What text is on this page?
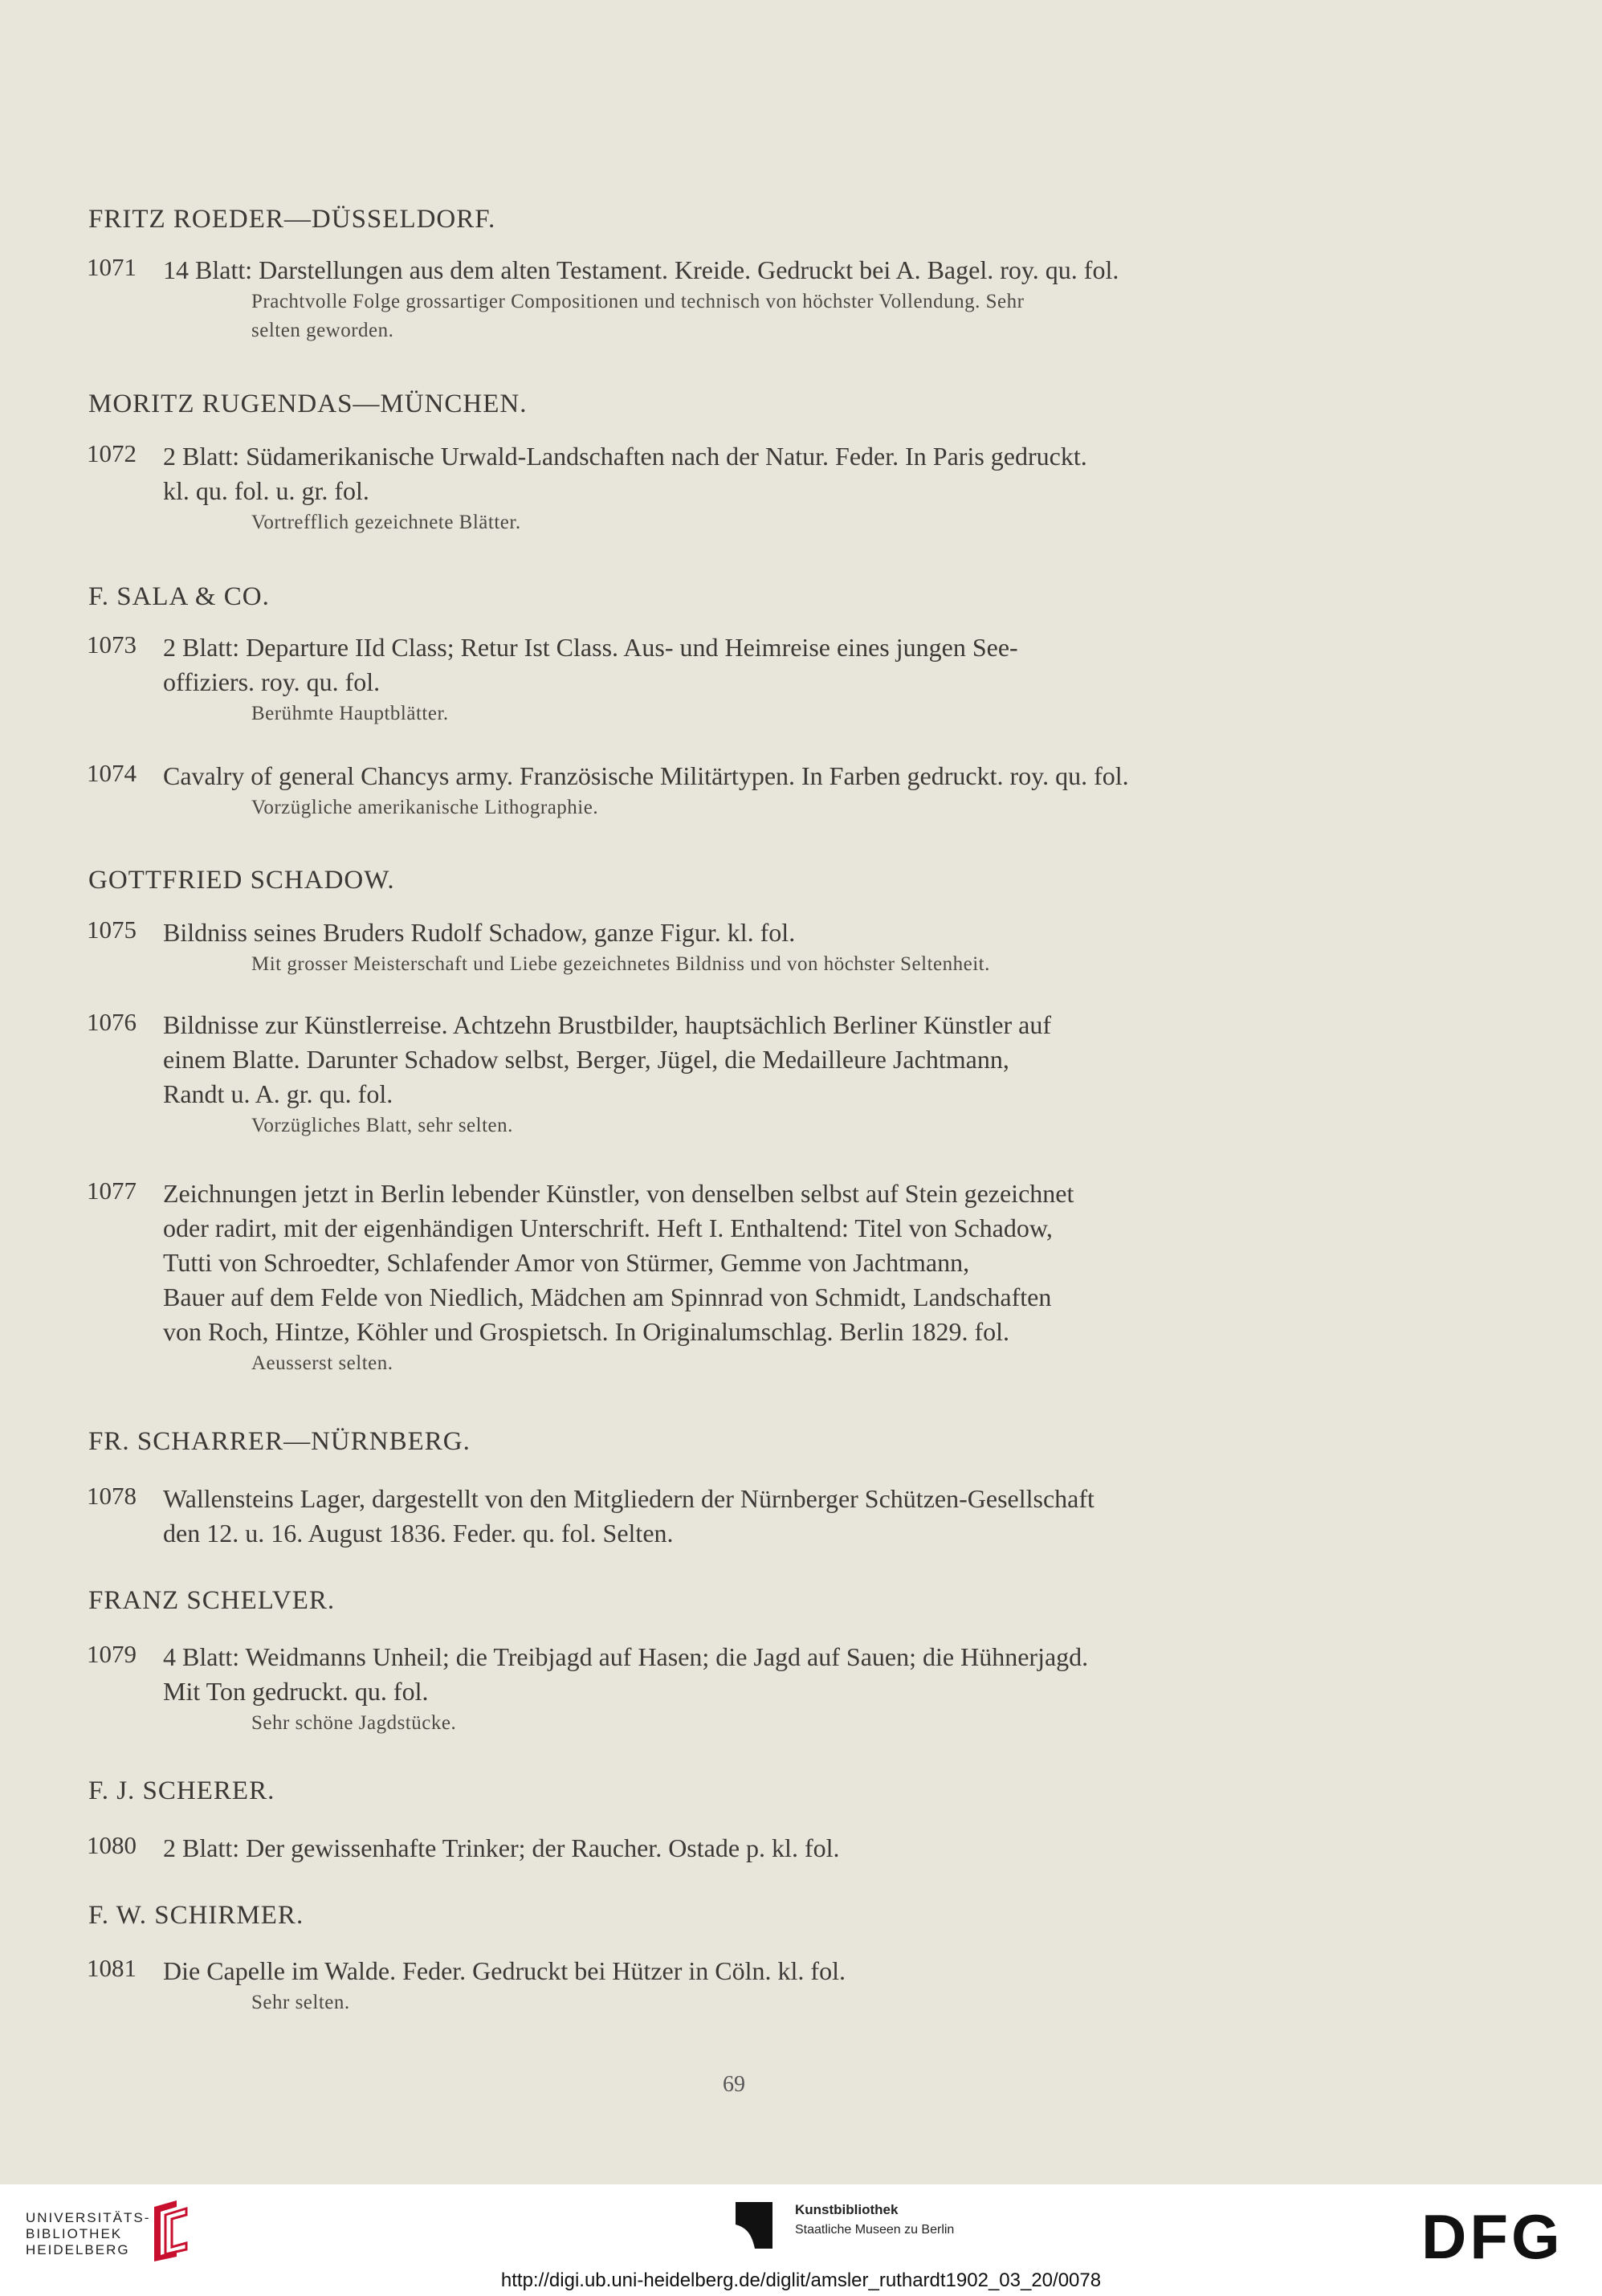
FRITZ ROEDER—DÜSSELDORF.
1071	14 Blatt: Darstellungen aus dem alten Testament. Kreide. Gedruckt bei A. Bagel. roy. qu. fol.
Prachtvolle Folge grossartiger Compositionen und technisch von höchster Vollendung. Sehr
selten geworden.
MORITZ RUGENDAS—MÜNCHEN.
1072	2 Blatt: Südamerikanische Urwald-Landschaften nach der Natur. Feder. In Paris gedruckt.
kl. qu. fol. u. gr. fol.
Vortrefflich gezeichnete Blätter.
F. SALA & CO.
1073	2 Blatt: Departure IId Class; Retur Ist Class. Aus- und Heimreise eines jungen See-
offiziers. roy. qu. fol.
Berühmte Hauptblätter.
1074	Cavalry of general Chancys army. Französische Militärtypen. In Farben gedruckt. roy. qu. fol.
Vorzügliche amerikanische Lithographie.
GOTTFRIED SCHADOW.
1075	Bildniss seines Bruders Rudolf Schadow, ganze Figur. kl. fol.
Mit grosser Meisterschaft und Liebe gezeichnetes Bildniss und von höchster Seltenheit.
1076	Bildnisse zur Künstlerreise. Achtzehn Brustbilder, hauptsächlich Berliner Künstler auf
einem Blatte. Darunter Schadow selbst, Berger, Jügel, die Medailleure Jachtmann,
Randt u. A. gr. qu. fol.
Vorzügliches Blatt, sehr selten.
1077	Zeichnungen jetzt in Berlin lebender Künstler, von denselben selbst auf Stein gezeichnet
oder radirt, mit der eigenhändigen Unterschrift. Heft I. Enthaltend: Titel von Schadow,
Tutti von Schroedter, Schlafender Amor von Stürmer, Gemme von Jachtmann,
Bauer auf dem Felde von Niedlich, Mädchen am Spinnrad von Schmidt, Landschaften
von Roch, Hintze, Köhler und Grospietsch. In Originalumschlag. Berlin 1829. fol.
Aeusserst selten.
FR. SCHARRER—NÜRNBERG.
1078	Wallensteins Lager, dargestellt von den Mitgliedern der Nürnberger Schützen-Gesellschaft
den 12. u. 16. August 1836. Feder. qu. fol. Selten.
FRANZ SCHELVER.
1079	4 Blatt: Weidmanns Unheil; die Treibjagd auf Hasen; die Jagd auf Sauen; die Hühnerjagd.
Mit Ton gedruckt. qu. fol.
Sehr schöne Jagdstücke.
F. J. SCHERER.
1080	2 Blatt: Der gewissenhafte Trinker; der Raucher. Ostade p. kl. fol.
F. W. SCHIRMER.
1081	Die Capelle im Walde. Feder. Gedruckt bei Hützer in Cöln. kl. fol.
Sehr selten.
69
UNIVERSITÄTS-
BIBLIOTHEK
HEIDELBERG
Kunstbibliothek
Staatliche Museen zu Berlin	DFG
http://digi.ub.uni-heidelberg.de/diglit/amsler_ruthardt1902_03_20/0078
